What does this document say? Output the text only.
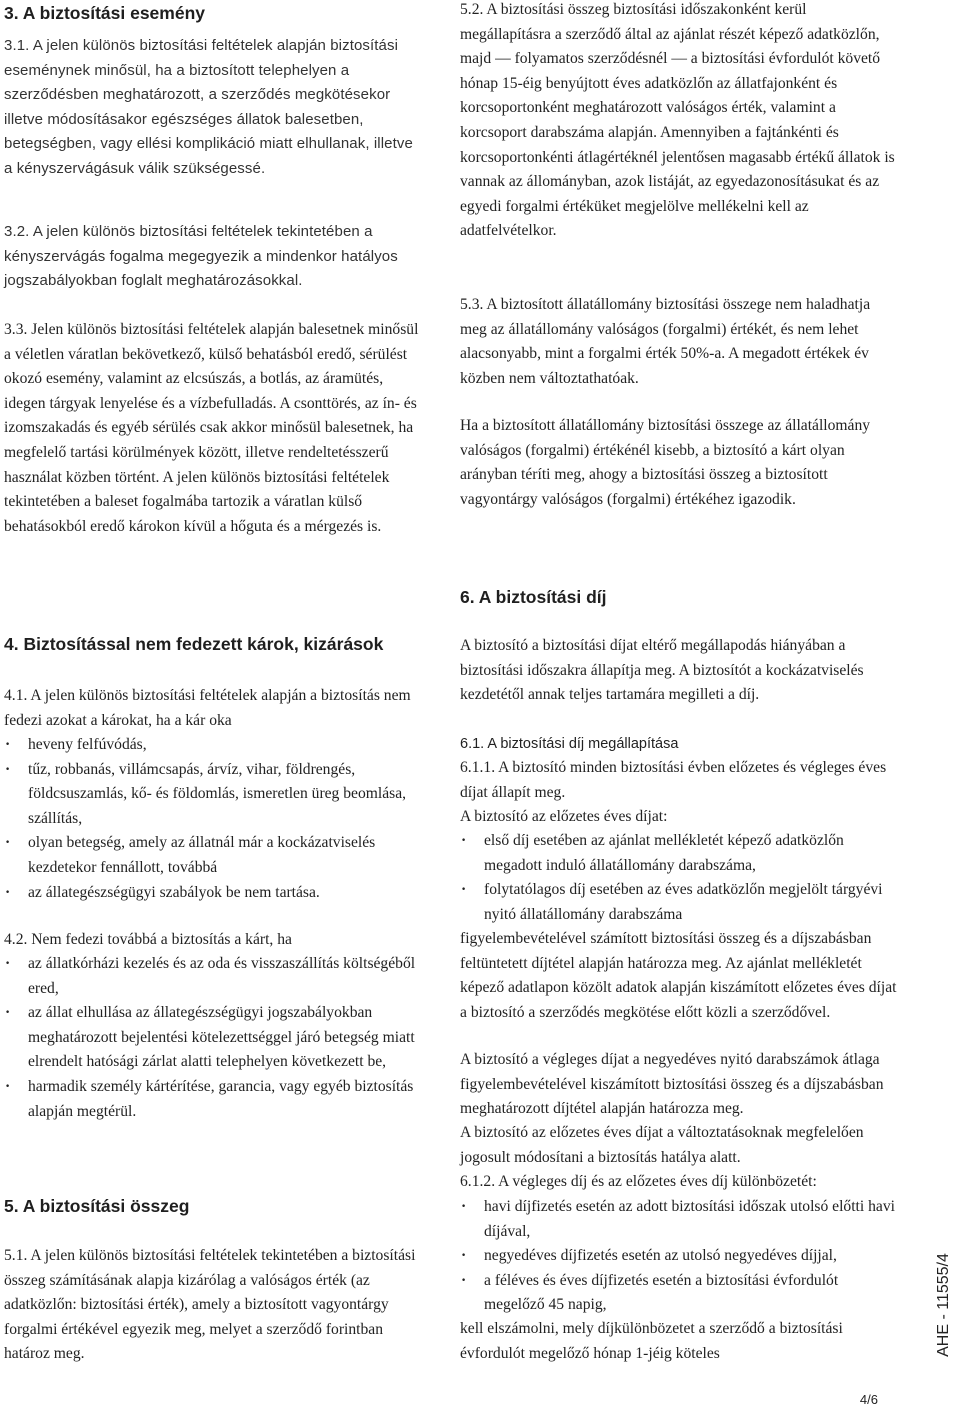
3. A biztosítási esemény

3.1. A jelen különös biztosítási feltételek alapján biztosítási eseménynek minősül, ha a biztosított telephelyen a szerződésben meghatározott, a szerződés megkötésekor illetve módosításakor egészséges állatok balesetben, betegségben, vagy ellési komplikáció miatt elhullanak, illetve a kényszervágásuk válik szükségessé.

3.2. A jelen különös biztosítási feltételek tekintetében a kényszervágás fogalma megegyezik a mindenkor hatályos jogszabályokban foglalt meghatározásokkal.

3.3. Jelen különös biztosítási feltételek alapján balesetnek minősül a véletlen váratlan bekövetkező, külső behatásból eredő, sérülést okozó esemény, valamint az elcsúszás, a botlás, az áramütés, idegen tárgyak lenyelése és a vízbefulladás. A csonttörés, az ín- és izomszakadás és egyéb sérülés csak akkor minősül balesetnek, ha megfelelő tartási körülmények között, illetve rendeltetésszerű használat közben történt. A jelen különös biztosítási feltételek tekintetében a baleset fogalmába tartozik a váratlan külső behatásokból eredő károkon kívül a hőguta és a mérgezés is.

4. Biztosítással nem fedezett károk, kizárások

4.1. A jelen különös biztosítási feltételek alapján a biztosítás nem fedezi azokat a károkat, ha a kár oka

· heveny felfúvódás,
· tűz, robbanás, villámcsapás, árvíz, vihar, földrengés, földcsuszamlás, kő- és földomlás, ismeretlen üreg beomlása, szállítás,
· olyan betegség, amely az állatnál már a kockázatviselés kezdetekor fennállott, továbbá
· az állategészségügyi szabályok be nem tartása.

4.2. Nem fedezi továbbá a biztosítás a kárt, ha

· az állatkórházi kezelés és az oda és visszaszállítás költségéből ered,
· az állat elhullása az állategészségügyi jogszabályokban meghatározott bejelentési kötelezettséggel járó betegség miatt elrendelt hatósági zárlat alatti telephelyen következett be,
· harmadik személy kártérítése, garancia, vagy egyéb biztosítás alapján megtérül.
5. A biztosítási összeg

5.1. A jelen különös biztosítási feltételek tekintetében a biztosítási összeg számításának alapja kizárólag a valóságos érték (az adatközlőn: biztosítási érték), amely a biztosított vagyontárgy forgalmi értékével egyezik meg, melyet a szerződő forintban határoz meg.

5.2. A biztosítási összeg biztosítási időszakonként kerül megállapításra a szerződő által az ajánlat részét képező adatközlőn, majd — folyamatos szerződésnél — a biztosítási évfordulót követő hónap 15-éig benyújtott éves adatközlőn az állatfajonként és korcsoportonként meghatározott valóságos érték, valamint a korcsoport darabszáma alapján. Amennyiben a fajtánkénti és korcsoportonkénti átlagértéknél jelentősen magasabb értékű állatok is vannak az állományban, azok listáját, az egyedazonosításukat és az egyedi forgalmi értéküket megjelölve mellékelni kell az adatfelvételkor.

5.3. A biztosított állatállomány biztosítási összege nem haladhatja meg az állatállomány valóságos (forgalmi) értékét, és nem lehet alacsonyabb, mint a forgalmi érték 50%-a. A megadott értékek év közben nem változtathatóak.

Ha a biztosított állatállomány biztosítási összege az állatállomány valóságos (forgalmi) értékénél kisebb, a biztosító a kárt olyan arányban téríti meg, ahogy a biztosítási összeg a biztosított vagyontárgy valóságos (forgalmi) értékéhez igazodik.

6. A biztosítási díj

A biztosító a biztosítási díjat eltérő megállapodás hiányában a biztosítási időszakra állapítja meg. A biztosítót a kockázatviselés kezdetétől annak teljes tartamára megilleti a díj.

6.1. A biztosítási díj megállapítása

6.1.1. A biztosító minden biztosítási évben előzetes és végleges éves díjat állapít meg.

A biztosító az előzetes éves díjat:

· első díj esetében az ajánlat mellékletét képező adatközlőn megadott induló állatállomány darabszáma,
· folytatólagos díj esetében az éves adatközlőn megjelölt tárgyévi nyitó állatállomány darabszáma

figyelembevételével számított biztosítási összeg és a díjszabásban feltüntetett díjtétel alapján határozza meg. Az ajánlat mellékletét képező adatlapon közölt adatok alapján kiszámított előzetes éves díjat a biztosító a szerződés megkötése előtt közli a szerződővel.

A biztosító a végleges díjat a negyedéves nyitó darabszámok átlaga figyelembevételével kiszámított biztosítási összeg és a díjszabásban meghatározott díjtétel alapján határozza meg.

A biztosító az előzetes éves díjat a változtatásoknak megfelelően jogosult módosítani a biztosítás hatálya alatt.

6.1.2. A végleges díj és az előzetes éves díj különbözetét:

· havi díjfizetés esetén az adott biztosítási időszak utolsó előtti havi díjával,
· negyedéves díjfizetés esetén az utolsó negyedéves díjjal,
· a féléves és éves díjfizetés esetén a biztosítási évfordulót megelőző 45 napig,

kell elszámolni, mely díjkülönbözetet a szerződő a biztosítási évfordulót megelőző hónap 1-jéig köteles	AHE - 11555/4
4/6
